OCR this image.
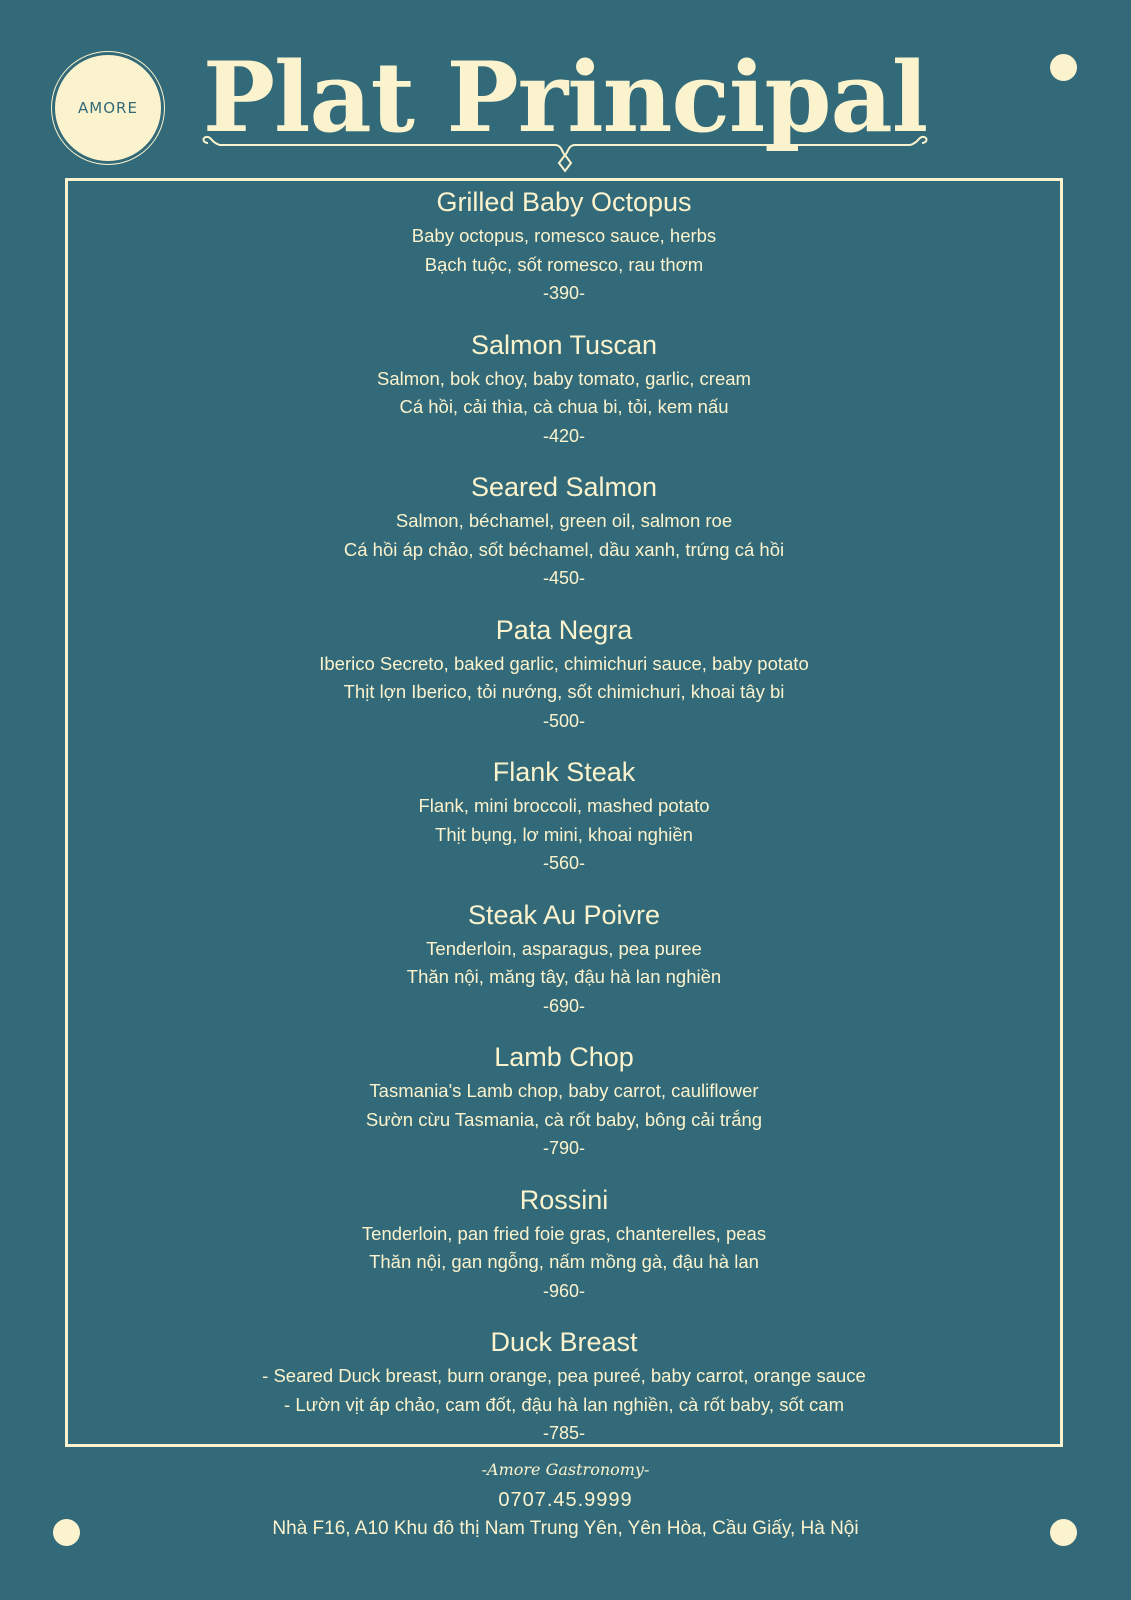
AMORE Plat Principal
Grilled Baby Octopus
Baby octopus, romesco sauce, herbs
Bạch tuộc, sốt romesco, rau thơm
-390-
Salmon Tuscan
Salmon, bok choy, baby tomato, garlic, cream
Cá hồi, cải thìa, cà chua bi, tỏi, kem nấu
-420-
Seared Salmon
Salmon, béchamel, green oil, salmon roe
Cá hồi áp chảo, sốt béchamel, dầu xanh, trứng cá hồi
-450-
Pata Negra
Iberico Secreto, baked garlic, chimichuri sauce, baby potato
Thịt lợn Iberico, tỏi nướng, sốt chimichuri, khoai tây bi
-500-
Flank Steak
Flank, mini broccoli, mashed potato
Thịt bụng, lơ mini, khoai nghiền
-560-
Steak Au Poivre
Tenderloin, asparagus, pea puree
Thăn nội, măng tây, đậu hà lan nghiền
-690-
Lamb Chop
Tasmania's Lamb chop, baby carrot, cauliflower
Sườn cừu Tasmania, cà rốt baby, bông cải trắng
-790-
Rossini
Tenderloin, pan fried foie gras, chanterelles, peas
Thăn nội, gan ngỗng, nấm mồng gà, đậu hà lan
-960-
Duck Breast
- Seared Duck breast, burn orange, pea pureé, baby carrot, orange sauce
- Lườn vịt áp chảo, cam đốt, đậu hà lan nghiền, cà rốt baby, sốt cam
-785-
-Amore Gastronomy-
0707.45.9999
Nhà F16, A10 Khu đô thị Nam Trung Yên, Yên Hòa, Cầu Giấy, Hà Nội
